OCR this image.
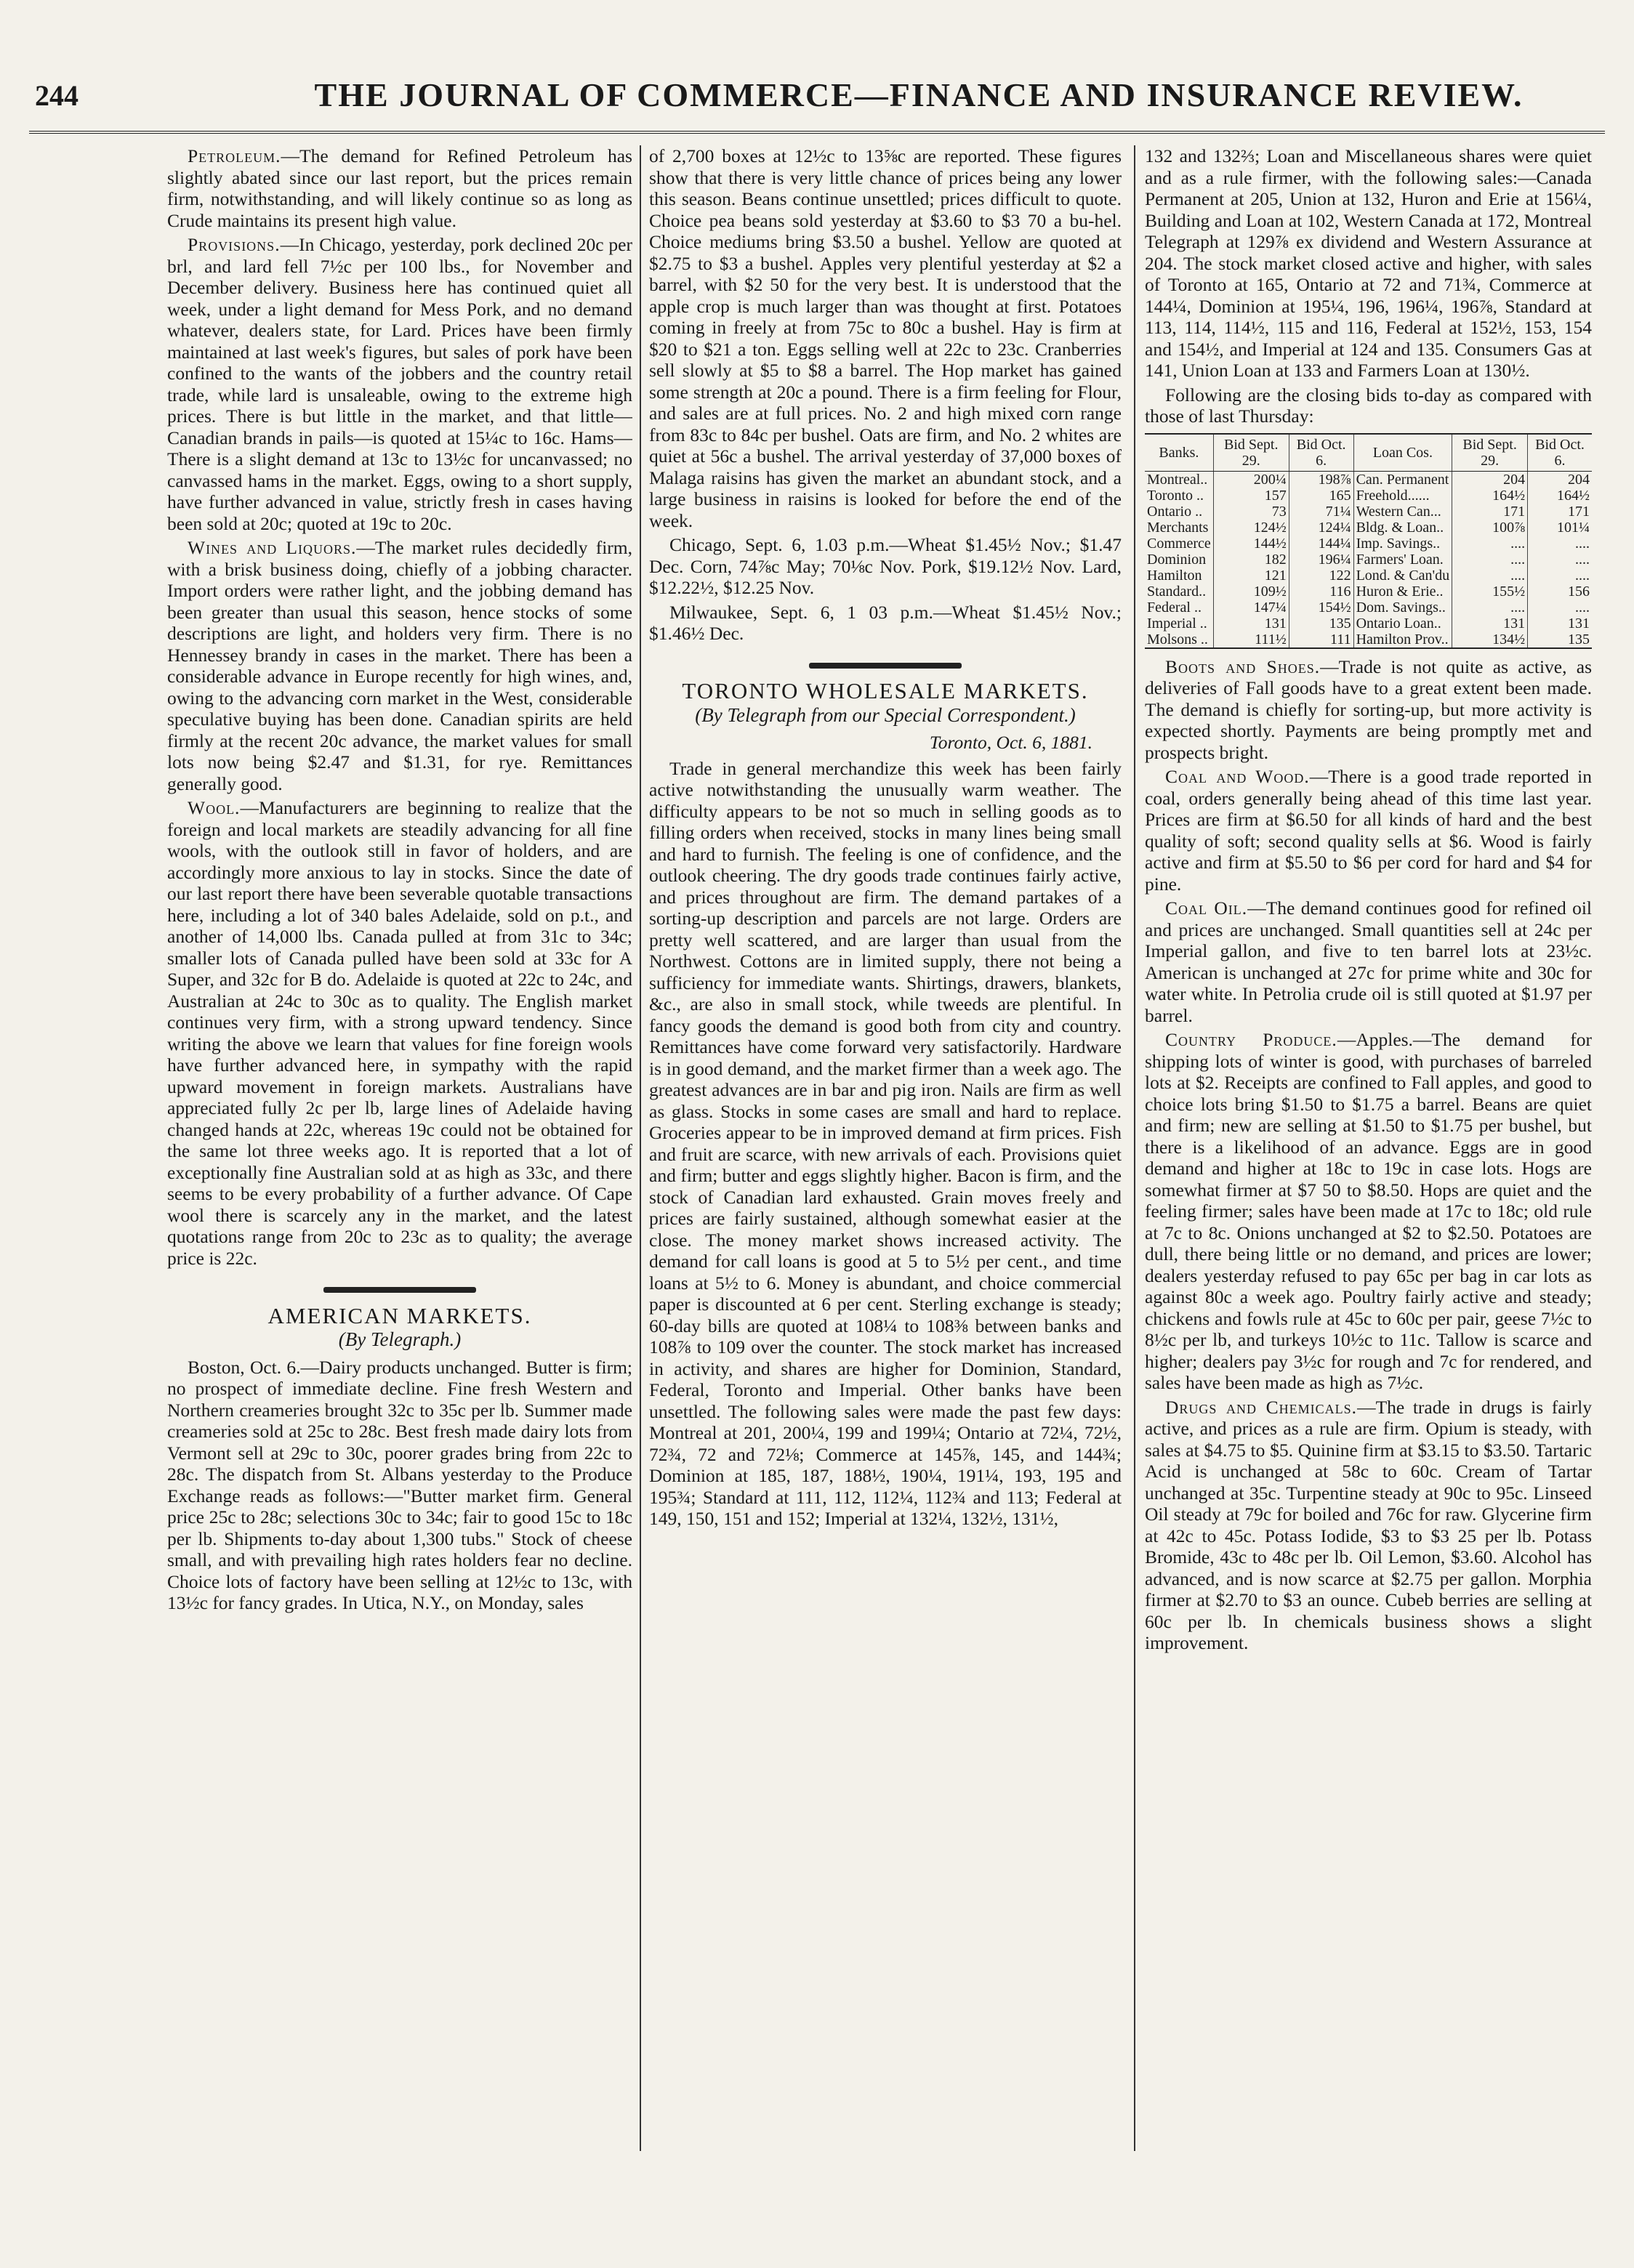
244	THE JOURNAL OF COMMERCE—FINANCE AND INSURANCE REVIEW.

Petroleum.—The demand for Refined Petroleum has slightly abated since our last report, but the prices remain firm, notwithstanding, and will likely continue so as long as Crude maintains its present high value.

Provisions.—In Chicago, yesterday, pork declined 20c per brl, and lard fell 7½c per 100 lbs., for November and December delivery. Business here has continued quiet all week, under a light demand for Mess Pork, and no demand whatever, dealers state, for Lard. Prices have been firmly maintained at last week's figures, but sales of pork have been confined to the wants of the jobbers and the country retail trade, while lard is unsaleable, owing to the extreme high prices. There is but little in the market, and that little—Canadian brands in pails—is quoted at 15¼c to 16c. Hams—There is a slight demand at 13c to 13½c for uncanvassed; no canvassed hams in the market. Eggs, owing to a short supply, have further advanced in value, strictly fresh in cases having been sold at 20c; quoted at 19c to 20c.

Wines and Liquors.—The market rules decidedly firm, with a brisk business doing, chiefly of a jobbing character. Import orders were rather light, and the jobbing demand has been greater than usual this season, hence stocks of some descriptions are light, and holders very firm. There is no Hennessey brandy in cases in the market. There has been a considerable advance in Europe recently for high wines, and, owing to the advancing corn market in the West, considerable speculative buying has been done. Canadian spirits are held firmly at the recent 20c advance, the market values for small lots now being $2.47 and $1.31, for rye. Remittances generally good.

Wool.—Manufacturers are beginning to realize that the foreign and local markets are steadily advancing for all fine wools, with the outlook still in favor of holders, and are accordingly more anxious to lay in stocks. Since the date of our last report there have been severable quotable transactions here, including a lot of 340 bales Adelaide, sold on p.t., and another of 14,000 lbs. Canada pulled at from 31c to 34c; smaller lots of Canada pulled have been sold at 33c for A Super, and 32c for B do. Adelaide is quoted at 22c to 24c, and Australian at 24c to 30c as to quality. The English market continues very firm, with a strong upward tendency. Since writing the above we learn that values for fine foreign wools have further advanced here, in sympathy with the rapid upward movement in foreign markets. Australians have appreciated fully 2c per lb, large lines of Adelaide having changed hands at 22c, whereas 19c could not be obtained for the same lot three weeks ago. It is reported that a lot of exceptionally fine Australian sold at as high as 33c, and there seems to be every probability of a further advance. Of Cape wool there is scarcely any in the market, and the latest quotations range from 20c to 23c as to quality; the average price is 22c.

AMERICAN MARKETS.
(By Telegraph.)

Boston, Oct. 6.—Dairy products unchanged. Butter is firm; no prospect of immediate decline. Fine fresh Western and Northern creameries brought 32c to 35c per lb. Summer made creameries sold at 25c to 28c. Best fresh made dairy lots from Vermont sell at 29c to 30c, poorer grades bring from 22c to 28c. The dispatch from St. Albans yesterday to the Produce Exchange reads as follows:—"Butter market firm. General price 25c to 28c; selections 30c to 34c; fair to good 15c to 18c per lb. Shipments to-day about 1,300 tubs." Stock of cheese small, and with prevailing high rates holders fear no decline. Choice lots of factory have been selling at 12½c to 13c, with 13½c for fancy grades. In Utica, N.Y., on Monday, sales

of 2,700 boxes at 12½c to 13⅝c are reported. These figures show that there is very little chance of prices being any lower this season. Beans continue unsettled; prices difficult to quote. Choice pea beans sold yesterday at $3.60 to $3 70 a bu-hel. Choice mediums bring $3.50 a bushel. Yellow are quoted at $2.75 to $3 a bushel. Apples very plentiful yesterday at $2 a barrel, with $2 50 for the very best. It is understood that the apple crop is much larger than was thought at first. Potatoes coming in freely at from 75c to 80c a bushel. Hay is firm at $20 to $21 a ton. Eggs selling well at 22c to 23c. Cranberries sell slowly at $5 to $8 a barrel. The Hop market has gained some strength at 20c a pound. There is a firm feeling for Flour, and sales are at full prices. No. 2 and high mixed corn range from 83c to 84c per bushel. Oats are firm, and No. 2 whites are quiet at 56c a bushel. The arrival yesterday of 37,000 boxes of Malaga raisins has given the market an abundant stock, and a large business in raisins is looked for before the end of the week.

Chicago, Sept. 6, 1.03 p.m.—Wheat $1.45½ Nov.; $1.47 Dec. Corn, 74⅞c May; 70⅛c Nov. Pork, $19.12½ Nov. Lard, $12.22½, $12.25 Nov.

Milwaukee, Sept. 6, 1 03 p.m.—Wheat $1.45½ Nov.; $1.46½ Dec.

TORONTO WHOLESALE MARKETS.
(By Telegraph from our Special Correspondent.)
Toronto, Oct. 6, 1881.

Trade in general merchandize this week has been fairly active notwithstanding the unusually warm weather. The difficulty appears to be not so much in selling goods as to filling orders when received, stocks in many lines being small and hard to furnish. The feeling is one of confidence, and the outlook cheering. The dry goods trade continues fairly active, and prices throughout are firm. The demand partakes of a sorting-up description and parcels are not large. Orders are pretty well scattered, and are larger than usual from the Northwest. Cottons are in limited supply, there not being a sufficiency for immediate wants. Shirtings, drawers, blankets, &c., are also in small stock, while tweeds are plentiful. In fancy goods the demand is good both from city and country. Remittances have come forward very satisfactorily. Hardware is in good demand, and the market firmer than a week ago. The greatest advances are in bar and pig iron. Nails are firm as well as glass. Stocks in some cases are small and hard to replace. Groceries appear to be in improved demand at firm prices. Fish and fruit are scarce, with new arrivals of each. Provisions quiet and firm; butter and eggs slightly higher. Bacon is firm, and the stock of Canadian lard exhausted. Grain moves freely and prices are fairly sustained, although somewhat easier at the close. The money market shows increased activity. The demand for call loans is good at 5 to 5½ per cent., and time loans at 5½ to 6. Money is abundant, and choice commercial paper is discounted at 6 per cent. Sterling exchange is steady; 60-day bills are quoted at 108¼ to 108⅜ between banks and 108⅞ to 109 over the counter. The stock market has increased in activity, and shares are higher for Dominion, Standard, Federal, Toronto and Imperial. Other banks have been unsettled. The following sales were made the past few days: Montreal at 201, 200¼, 199 and 199¼; Ontario at 72¼, 72½, 72¾, 72 and 72⅛; Commerce at 145⅞, 145, and 144¾; Dominion at 185, 187, 188½, 190¼, 191¼, 193, 195 and 195¾; Standard at 111, 112, 112¼, 112¾ and 113; Federal at 149, 150, 151 and 152; Imperial at 132¼, 132½, 131½,

132 and 132⅔; Loan and Miscellaneous shares were quiet and as a rule firmer, with the following sales:—Canada Permanent at 205, Union at 132, Huron and Erie at 156¼, Building and Loan at 102, Western Canada at 172, Montreal Telegraph at 129⅞ ex dividend and Western Assurance at 204. The stock market closed active and higher, with sales of Toronto at 165, Ontario at 72 and 71¾, Commerce at 144¼, Dominion at 195¼, 196, 196¼, 196⅞, Standard at 113, 114, 114½, 115 and 116, Federal at 152½, 153, 154 and 154½, and Imperial at 124 and 135. Consumers Gas at 141, Union Loan at 133 and Farmers Loan at 130½.

Following are the closing bids to-day as compared with those of last Thursday:

Banks.	Bid Sept. 29.	Bid Oct. 6.	Loan Cos.	Bid Sept. 29.	Bid Oct. 6.
Montreal..	200¼	198⅞	Can. Permanent	204	204
Toronto ..	157	165	Freehold......	164½	164½
Ontario ..	73	71¼	Western Can...	171	171
Merchants	124½	124¼	Bldg. & Loan..	100⅞	101¼
Commerce	144½	144¼	Imp. Savings..	....	....
Dominion	182	196¼	Farmers' Loan.	....	....
Hamilton	121	122	Lond. & Can'du	....	....
Standard..	109½	116	Huron & Erie..	155½	156
Federal ..	147¼	154½	Dom. Savings..	....	....
Imperial ..	131	135	Ontario Loan..	131	131
Molsons ..	111½	111	Hamilton Prov..	134½	135

Boots and Shoes.—Trade is not quite as active, as deliveries of Fall goods have to a great extent been made. The demand is chiefly for sorting-up, but more activity is expected shortly. Payments are being promptly met and prospects bright.

Coal and Wood.—There is a good trade reported in coal, orders generally being ahead of this time last year. Prices are firm at $6.50 for all kinds of hard and the best quality of soft; second quality sells at $6. Wood is fairly active and firm at $5.50 to $6 per cord for hard and $4 for pine.

Coal Oil.—The demand continues good for refined oil and prices are unchanged. Small quantities sell at 24c per Imperial gallon, and five to ten barrel lots at 23½c. American is unchanged at 27c for prime white and 30c for water white. In Petrolia crude oil is still quoted at $1.97 per barrel.

Country Produce.—Apples.—The demand for shipping lots of winter is good, with purchases of barreled lots at $2. Receipts are confined to Fall apples, and good to choice lots bring $1.50 to $1.75 a barrel. Beans are quiet and firm; new are selling at $1.50 to $1.75 per bushel, but there is a likelihood of an advance. Eggs are in good demand and higher at 18c to 19c in case lots. Hogs are somewhat firmer at $7 50 to $8.50. Hops are quiet and the feeling firmer; sales have been made at 17c to 18c; old rule at 7c to 8c. Onions unchanged at $2 to $2.50. Potatoes are dull, there being little or no demand, and prices are lower; dealers yesterday refused to pay 65c per bag in car lots as against 80c a week ago. Poultry fairly active and steady; chickens and fowls rule at 45c to 60c per pair, geese 7½c to 8½c per lb, and turkeys 10½c to 11c. Tallow is scarce and higher; dealers pay 3½c for rough and 7c for rendered, and sales have been made as high as 7½c.

Drugs and Chemicals.—The trade in drugs is fairly active, and prices as a rule are firm. Opium is steady, with sales at $4.75 to $5. Quinine firm at $3.15 to $3.50. Tartaric Acid is unchanged at 58c to 60c. Cream of Tartar unchanged at 35c. Turpentine steady at 90c to 95c. Linseed Oil steady at 79c for boiled and 76c for raw. Glycerine firm at 42c to 45c. Potass Iodide, $3 to $3 25 per lb. Potass Bromide, 43c to 48c per lb. Oil Lemon, $3.60. Alcohol has advanced, and is now scarce at $2.75 per gallon. Morphia firmer at $2.70 to $3 an ounce. Cubeb berries are selling at 60c per lb. In chemicals business shows a slight improvement.
